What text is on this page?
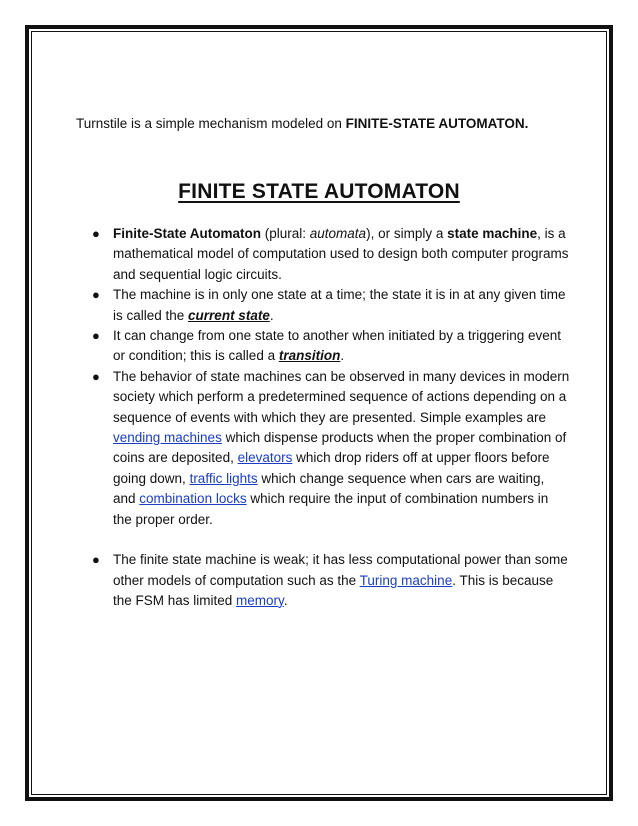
Turnstile is a simple mechanism modeled on FINITE-STATE AUTOMATON.

FINITE STATE AUTOMATON
● Finite-State Automaton (plural: automata), or simply a state machine, is a mathematical model of computation used to design both computer programs and sequential logic circuits.
● The machine is in only one state at a time; the state it is in at any given time is called the current state.
● It can change from one state to another when initiated by a triggering event or condition; this is called a transition.
● The behavior of state machines can be observed in many devices in modern society which perform a predetermined sequence of actions depending on a sequence of events with which they are presented. Simple examples are vending machines which dispense products when the proper combination of coins are deposited, elevators which drop riders off at upper floors before going down, traffic lights which change sequence when cars are waiting, and combination locks which require the input of combination numbers in the proper order.
● The finite state machine is weak; it has less computational power than some other models of computation such as the Turing machine. This is because the FSM has limited memory.
